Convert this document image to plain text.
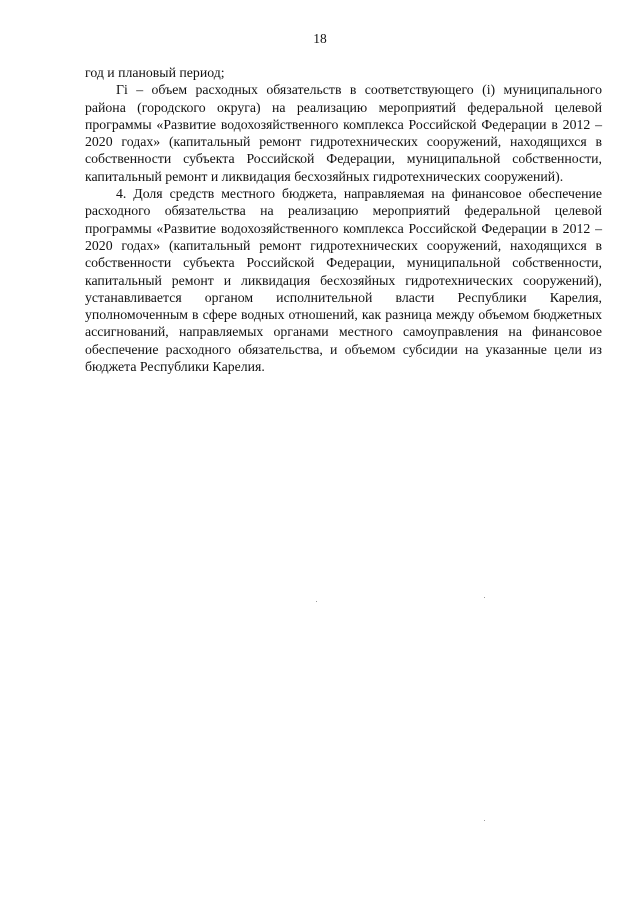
18

год и плановый период;

Гi – объем расходных обязательств в соответствующего (i) муниципального района (городского округа) на реализацию мероприятий федеральной целевой программы «Развитие водохозяйственного комплекса Российской Федерации в 2012 – 2020 годах» (капитальный ремонт гидротехнических сооружений, находящихся в собственности субъекта Российской Федерации, муниципальной собственности, капитальный ремонт и ликвидация бесхозяйных гидротехнических сооружений).

4. Доля средств местного бюджета, направляемая на финансовое обеспечение расходного обязательства на реализацию мероприятий федеральной целевой программы «Развитие водохозяйственного комплекса Российской Федерации в 2012 – 2020 годах» (капитальный ремонт гидротехнических сооружений, находящихся в собственности субъекта Российской Федерации, муниципальной собственности, капитальный ремонт и ликвидация бесхозяйных гидротехнических сооружений), устанавливается органом исполнительной власти Республики Карелия, уполномоченным в сфере водных отношений, как разница между объемом бюджетных ассигнований, направляемых органами местного самоуправления на финансовое обеспечение расходного обязательства, и объемом субсидии на указанные цели из бюджета Республики Карелия.
